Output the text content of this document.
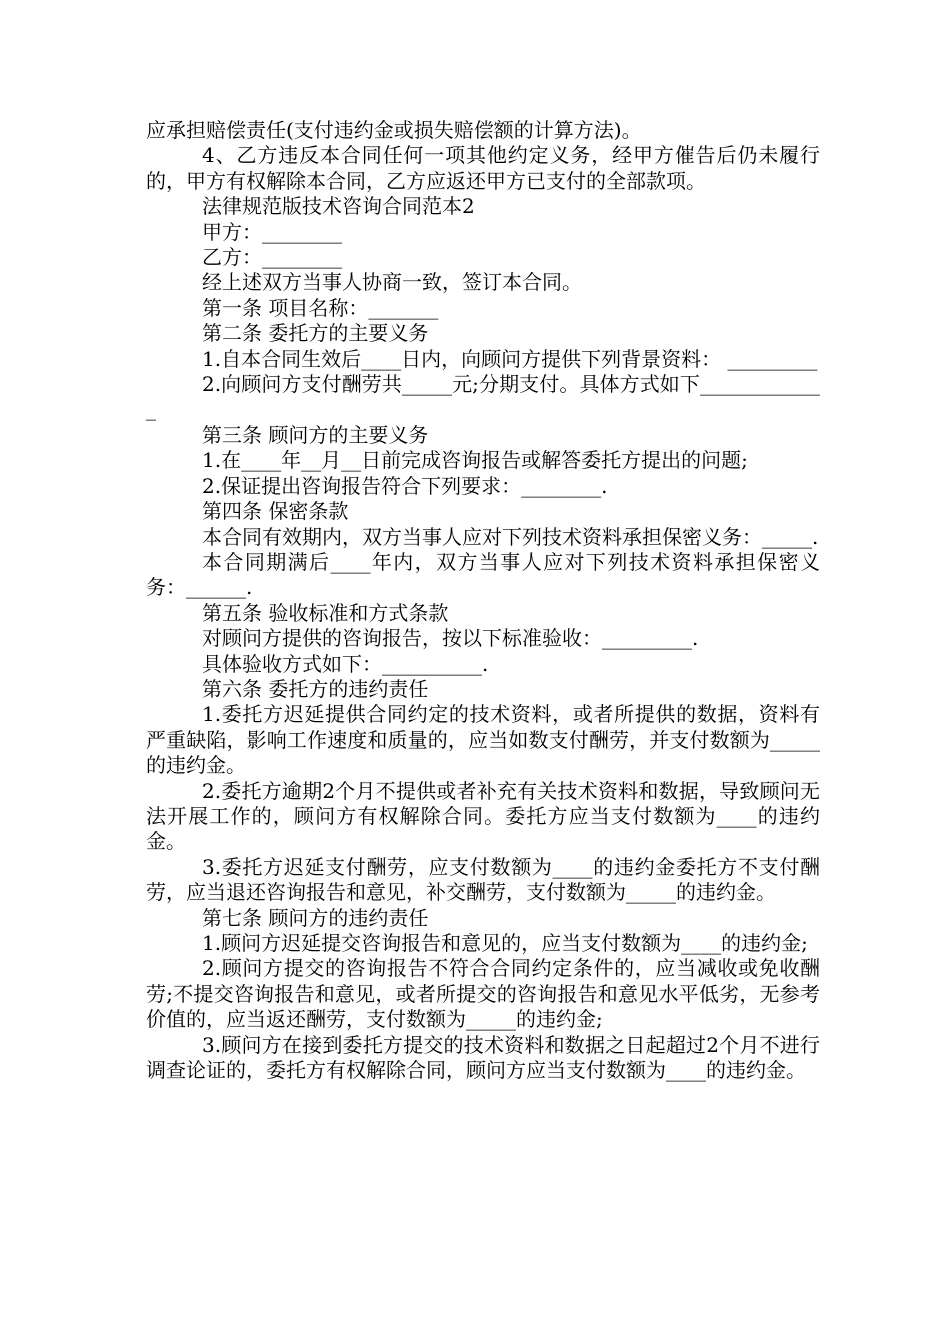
应承担赔偿责任(支付违约金或损失赔偿额的计算方法)。

4、乙方违反本合同任何一项其他约定义务，经甲方催告后仍未履行的，甲方有权解除本合同，乙方应返还甲方已支付的全部款项。

法律规范版技术咨询合同范本2

甲方：________

乙方：________

经上述双方当事人协商一致，签订本合同。

第一条 项目名称：_______

第二条 委托方的主要义务

1.自本合同生效后____日内，向顾问方提供下列背景资料： _________

2.向顾问方支付酬劳共_____元;分期支付。具体方式如下_____________

第三条 顾问方的主要义务

1.在____年__月__日前完成咨询报告或解答委托方提出的问题;

2.保证提出咨询报告符合下列要求：________.

第四条 保密条款

本合同有效期内，双方当事人应对下列技术资料承担保密义务：_____.

本合同期满后____年内，双方当事人应对下列技术资料承担保密义务：______.

第五条 验收标准和方式条款

对顾问方提供的咨询报告，按以下标准验收：_________.

具体验收方式如下：__________.

第六条 委托方的违约责任

1.委托方迟延提供合同约定的技术资料，或者所提供的数据，资料有严重缺陷，影响工作速度和质量的，应当如数支付酬劳，并支付数额为_____的违约金。

2.委托方逾期2个月不提供或者补充有关技术资料和数据，导致顾问无法开展工作的，顾问方有权解除合同。委托方应当支付数额为____的违约金。

3.委托方迟延支付酬劳，应支付数额为____的违约金委托方不支付酬劳，应当退还咨询报告和意见，补交酬劳，支付数额为_____的违约金。

第七条 顾问方的违约责任

1.顾问方迟延提交咨询报告和意见的，应当支付数额为____的违约金;

2.顾问方提交的咨询报告不符合合同约定条件的，应当减收或免收酬劳;不提交咨询报告和意见，或者所提交的咨询报告和意见水平低劣，无参考价值的，应当返还酬劳，支付数额为_____的违约金;

3.顾问方在接到委托方提交的技术资料和数据之日起超过2个月不进行调查论证的，委托方有权解除合同，顾问方应当支付数额为____的违约金。
